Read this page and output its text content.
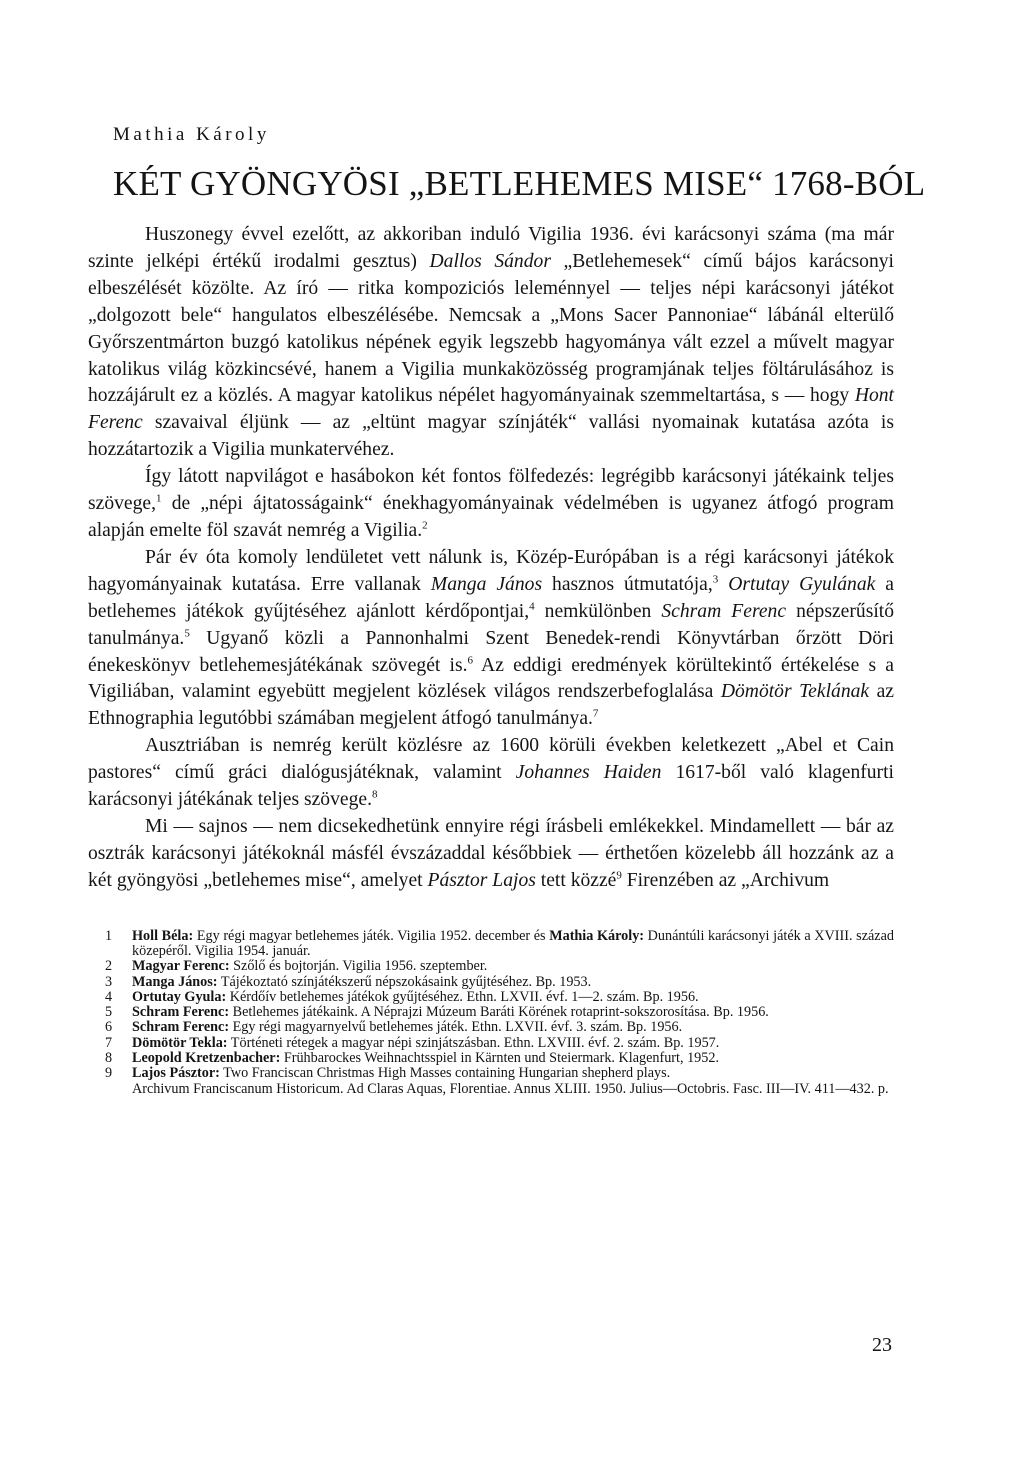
Mathia Károly
KÉT GYÖNGYÖSI „BETLEHEMES MISE“ 1768-BÓL

Huszonegy évvel ezelőtt, az akkoriban induló Vigilia 1936. évi karácsonyi száma (ma már szinte jelképi értékű irodalmi gesztus) Dallos Sándor „Betlehemesek“ című bájos karácsonyi elbeszélését közölte. Az író — ritka kompoziciós leleménnyel — teljes népi karácsonyi játékot „dolgozott bele“ hangulatos elbeszélésébe. Nemcsak a „Mons Sacer Pannoniae“ lábánál elterülő Győrszentmárton buzgó katolikus népének egyik legszebb hagyománya vált ezzel a művelt magyar katolikus világ közkincsévé, hanem a Vigilia munkaközösség programjának teljes föltárulásához is hozzájárult ez a közlés. A magyar katolikus népélet hagyományainak szemmeltartása, s — hogy Hont Ferenc szavaival éljünk — az „eltünt magyar színjáték“ vallási nyomainak kutatása azóta is hozzátartozik a Vigilia munkatervéhez.

Így látott napvilágot e hasábokon két fontos fölfedezés: legrégibb karácsonyi játékaink teljes szövege,$^1$ de „népi ájtatosságaink“ énekhagyományainak védelmében is ugyanez átfogó program alapján emelte föl szavát nemrég a Vigilia.$^2$

Pár év óta komoly lendületet vett nálunk is, Közép-Európában is a régi karácsonyi játékok hagyományainak kutatása. Erre vallanak Manga János hasznos útmutatója,$^3$ Ortutay Gyulának a betlehemes játékok gyűjtéséhez ajánlott kérdőpontjai,$^4$ nemkülönben Schram Ferenc népszerűsítő tanulmánya.$^5$ Ugyanő közli a Pannonhalmi Szent Benedek-rendi Könyvtárban őrzött Döri énekeskönyv betlehemesjátékának szövegét is.$^6$ Az eddigi eredmények körültekintő értékelése s a Vigiliában, valamint egyebütt megjelent közlések világos rendszerbefoglalása Dömötör Teklának az Ethnographia legutóbbi számában megjelent átfogó tanulmánya.$^7$

Ausztriában is nemrég került közlésre az 1600 körüli években keletkezett „Abel et Cain pastores“ című gráci dialógusjátéknak, valamint Johannes Haiden 1617-ből való klagenfurti karácsonyi játékának teljes szövege.$^8$

Mi — sajnos — nem dicsekedhetünk ennyire régi írásbeli emlékekkel. Mindamellett — bár az osztrák karácsonyi játékoknál másfél évszázaddal későbbiek — érthetően közelebb áll hozzánk az a két gyöngyösi „betlehemes mise“, amelyet Pásztor Lajos tett közzé$^9$ Firenzében az „Archivum

1 Holl Béla: Egy régi magyar betlehemes játék. Vigilia 1952. december és Mathia Károly: Dunántúli karácsonyi játék a XVIII. század közepéről. Vigilia 1954. január.
2 Magyar Ferenc: Szőlő és bojtorján. Vigilia 1956. szeptember.
3 Manga János: Tájékoztató színjátékszerű népszokásaink gyűjtéséhez. Bp. 1953.
4 Ortutay Gyula: Kérdőív betlehemes játékok gyűjtéséhez. Ethn. LXVII. évf. 1—2. szám. Bp. 1956.
5 Schram Ferenc: Betlehemes játékaink. A Néprajzi Múzeum Baráti Körének rotaprint-sokszorosítása. Bp. 1956.
6 Schram Ferenc: Egy régi magyarnyelvű betlehemes játék. Ethn. LXVII. évf. 3. szám. Bp. 1956.
7 Dömötör Tekla: Történeti rétegek a magyar népi szinjátszásban. Ethn. LXVIII. évf. 2. szám. Bp. 1957.
8 Leopold Kretzenbacher: Frühbarockes Weihnachtsspiel in Kärnten und Steiermark. Klagenfurt, 1952.
9 Lajos Pásztor: Two Franciscan Christmas High Masses containing Hungarian shepherd plays.
Archivum Franciscanum Historicum. Ad Claras Aquas, Florentiae. Annus XLIII. 1950. Julius—Octobris. Fasc. III—IV. 411—432. p.
23
